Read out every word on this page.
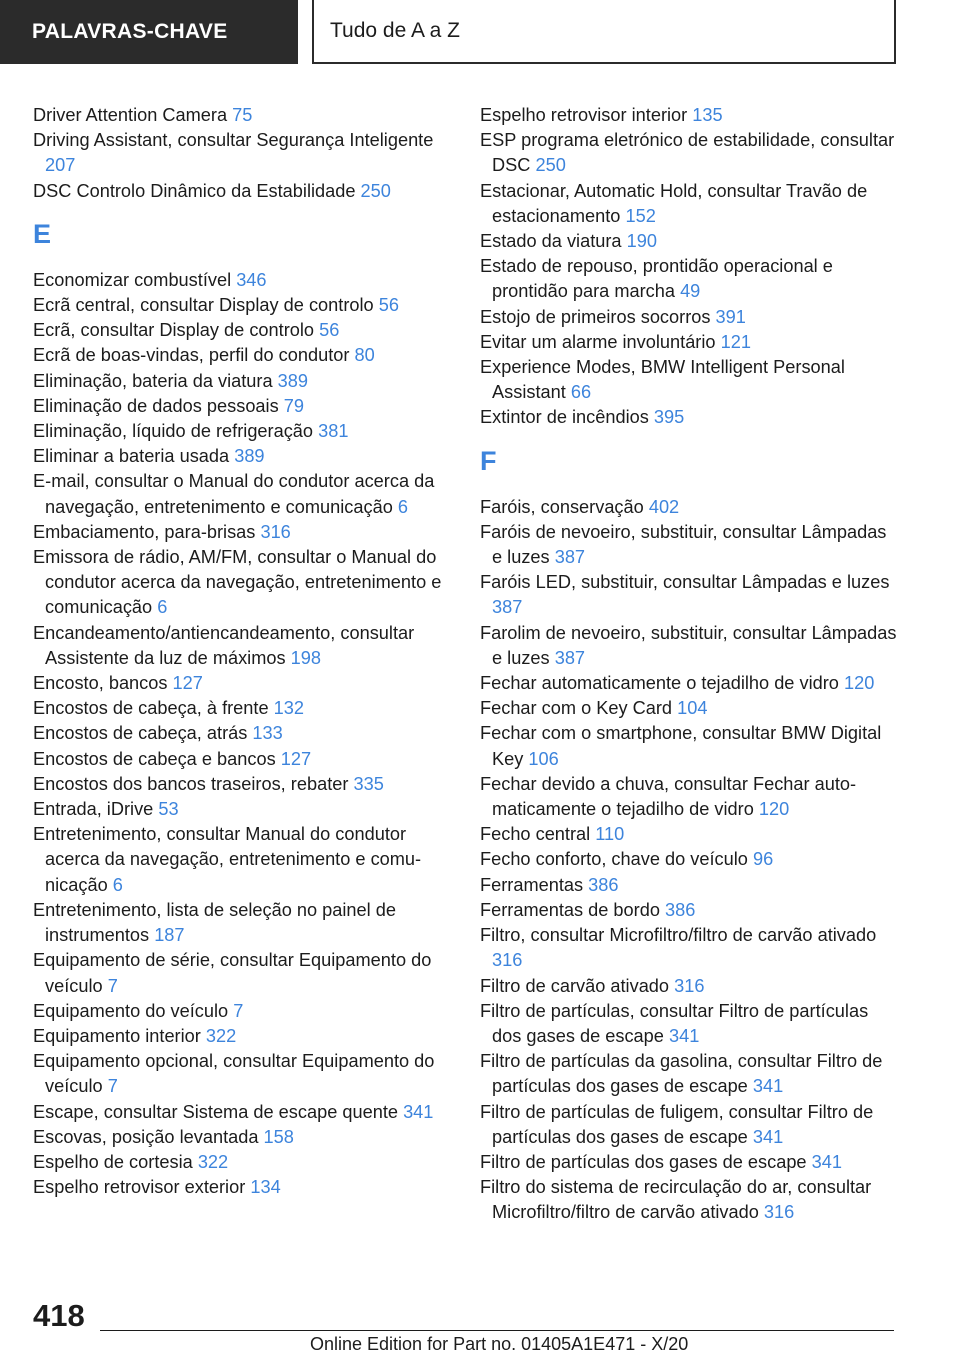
PALAVRAS-CHAVE	Tudo de A a Z
Driver Attention Camera 75
Driving Assistant, consultar Segurança Inteligente 207
DSC Controlo Dinâmico da Estabilidade 250
E
Economizar combustível 346
Ecrã central, consultar Display de controlo 56
Ecrã, consultar Display de controlo 56
Ecrã de boas-vindas, perfil do condutor 80
Eliminação, bateria da viatura 389
Eliminação de dados pessoais 79
Eliminação, líquido de refrigeração 381
Eliminar a bateria usada 389
E-mail, consultar o Manual do condutor acerca da navegação, entretenimento e comunicação 6
Embaciamento, para-brisas 316
Emissora de rádio, AM/FM, consultar o Manual do condutor acerca da navegação, entretenimento e comunicação 6
Encandeamento/antiencandeamento, consultar Assistente da luz de máximos 198
Encosto, bancos 127
Encostos de cabeça, à frente 132
Encostos de cabeça, atrás 133
Encostos de cabeça e bancos 127
Encostos dos bancos traseiros, rebater 335
Entrada, iDrive 53
Entretenimento, consultar Manual do condutor acerca da navegação, entretenimento e comunicação 6
Entretenimento, lista de seleção no painel de instrumentos 187
Equipamento de série, consultar Equipamento do veículo 7
Equipamento do veículo 7
Equipamento interior 322
Equipamento opcional, consultar Equipamento do veículo 7
Escape, consultar Sistema de escape quente 341
Escovas, posição levantada 158
Espelho de cortesia 322
Espelho retrovisor exterior 134
Espelho retrovisor interior 135
ESP programa eletrónico de estabilidade, consultar DSC 250
Estacionar, Automatic Hold, consultar Travão de estacionamento 152
Estado da viatura 190
Estado de repouso, prontidão operacional e prontidão para marcha 49
Estojo de primeiros socorros 391
Evitar um alarme involuntário 121
Experience Modes, BMW Intelligent Personal Assistant 66
Extintor de incêndios 395
F
Faróis, conservação 402
Faróis de nevoeiro, substituir, consultar Lâmpadas e luzes 387
Faróis LED, substituir, consultar Lâmpadas e luzes 387
Farolim de nevoeiro, substituir, consultar Lâmpadas e luzes 387
Fechar automaticamente o tejadilho de vidro 120
Fechar com o Key Card 104
Fechar com o smartphone, consultar BMW Digital Key 106
Fechar devido a chuva, consultar Fechar automaticamente o tejadilho de vidro 120
Fecho central 110
Fecho conforto, chave do veículo 96
Ferramentas 386
Ferramentas de bordo 386
Filtro, consultar Microfiltro/filtro de carvão ativado 316
Filtro de carvão ativado 316
Filtro de partículas, consultar Filtro de partículas dos gases de escape 341
Filtro de partículas da gasolina, consultar Filtro de partículas dos gases de escape 341
Filtro de partículas de fuligem, consultar Filtro de partículas dos gases de escape 341
Filtro de partículas dos gases de escape 341
Filtro do sistema de recirculação do ar, consultar Microfiltro/filtro de carvão ativado 316
418
Online Edition for Part no. 01405A1E471 - X/20
